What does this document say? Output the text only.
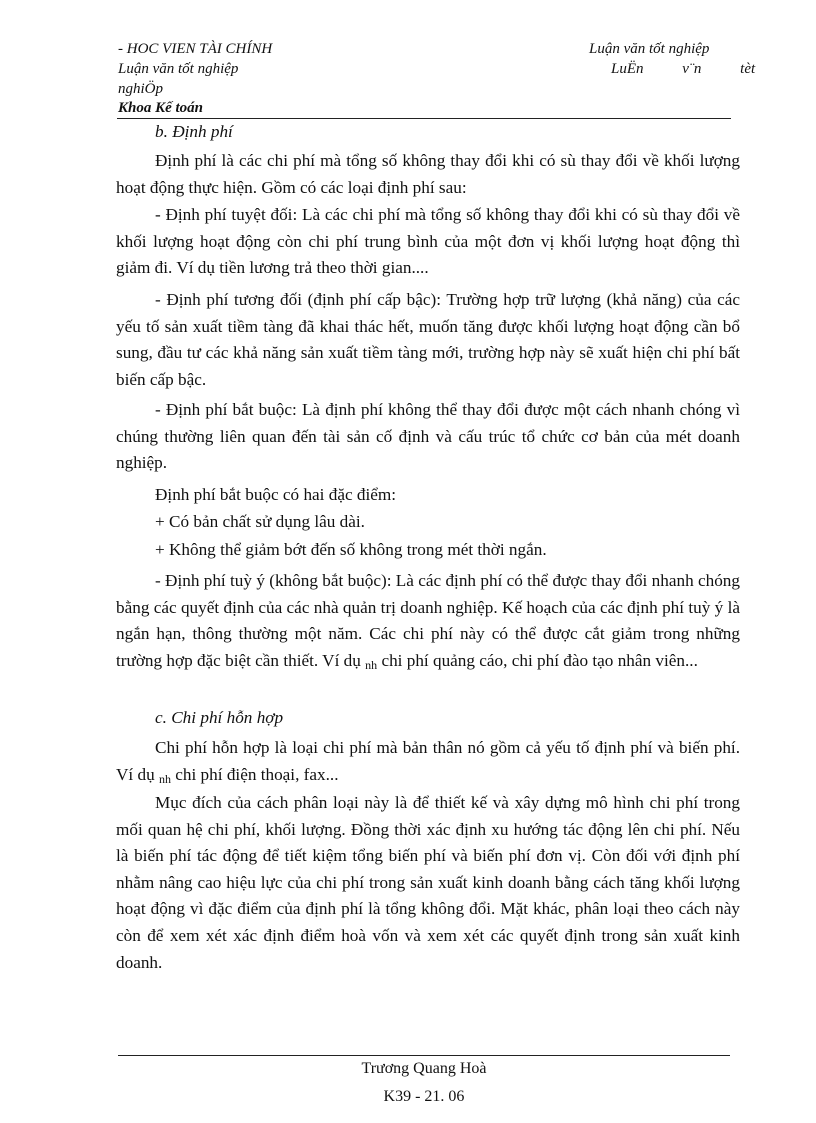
- HOC VIEN TÀI CHÍNH
Luận văn tốt nghiệp
nghiÖp
Khoa Kế toán
Luận văn tốt nghiệp
LuËn     v¨n     tèt

b. Định phí

Định phí là các chi phí mà tổng số không thay đổi khi có sù thay đổi về khối lượng hoạt động thực hiện. Gồm có các loại định phí sau:

- Định phí tuyệt đối: Là các chi phí mà tổng số không thay đổi khi có sù thay đổi về khối lượng hoạt động còn chi phí trung bình của một đơn vị khối lượng hoạt động thì giảm đi. Ví dụ tiền lương trả theo thời gian....

- Định phí tương đối (định phí cấp bậc): Trường hợp trữ lượng (khả năng) của các yếu tố sản xuất tiềm tàng đã khai thác hết, muốn tăng được khối lượng hoạt động cần bổ sung, đầu tư các khả năng sản xuất tiềm tàng mới, trường hợp này sẽ xuất hiện chi phí bất biến cấp bậc.

- Định phí bắt buộc: Là định phí không thể thay đổi được một cách nhanh chóng vì chúng thường liên quan đến tài sản cố định và cấu trúc tổ chức cơ bản của mét doanh nghiệp.

Định phí bắt buộc có hai đặc điểm:

+ Có bản chất sử dụng lâu dài.

+ Không thể giảm bớt đến số không trong mét thời ngắn.

- Định phí tuỳ ý (không bắt buộc): Là các định phí có thể được thay đổi nhanh chóng bằng các quyết định của các nhà quản trị doanh nghiệp. Kế hoạch của các định phí tuỳ ý là ngắn hạn, thông thường một năm. Các chi phí này có thể được cắt giảm trong những trường hợp đặc biệt cần thiết. Ví dụ nh chi phí quảng cáo, chi phí đào tạo nhân viên...

c. Chi phí hỗn hợp

Chi phí hỗn hợp là loại chi phí mà bản thân nó gồm cả yếu tố định phí và biến phí. Ví dụ nh chi phí điện thoại, fax...

Mục đích của cách phân loại này là để thiết kế và xây dựng mô hình chi phí trong mối quan hệ chi phí, khối lượng. Đồng thời xác định xu hướng tác động lên chi phí. Nếu là biến phí tác động để tiết kiệm tổng biến phí và biến phí đơn vị. Còn đối với định phí nhằm nâng cao hiệu lực của chi phí trong sản xuất kinh doanh bằng cách tăng khối lượng hoạt động vì đặc điểm của định phí là tổng không đổi. Mặt khác, phân loại theo cách này còn để xem xét xác định điểm hoà vốn và xem xét các quyết định trong sản xuất kinh doanh.

Trương Quang Hoà
K39 - 21. 06
